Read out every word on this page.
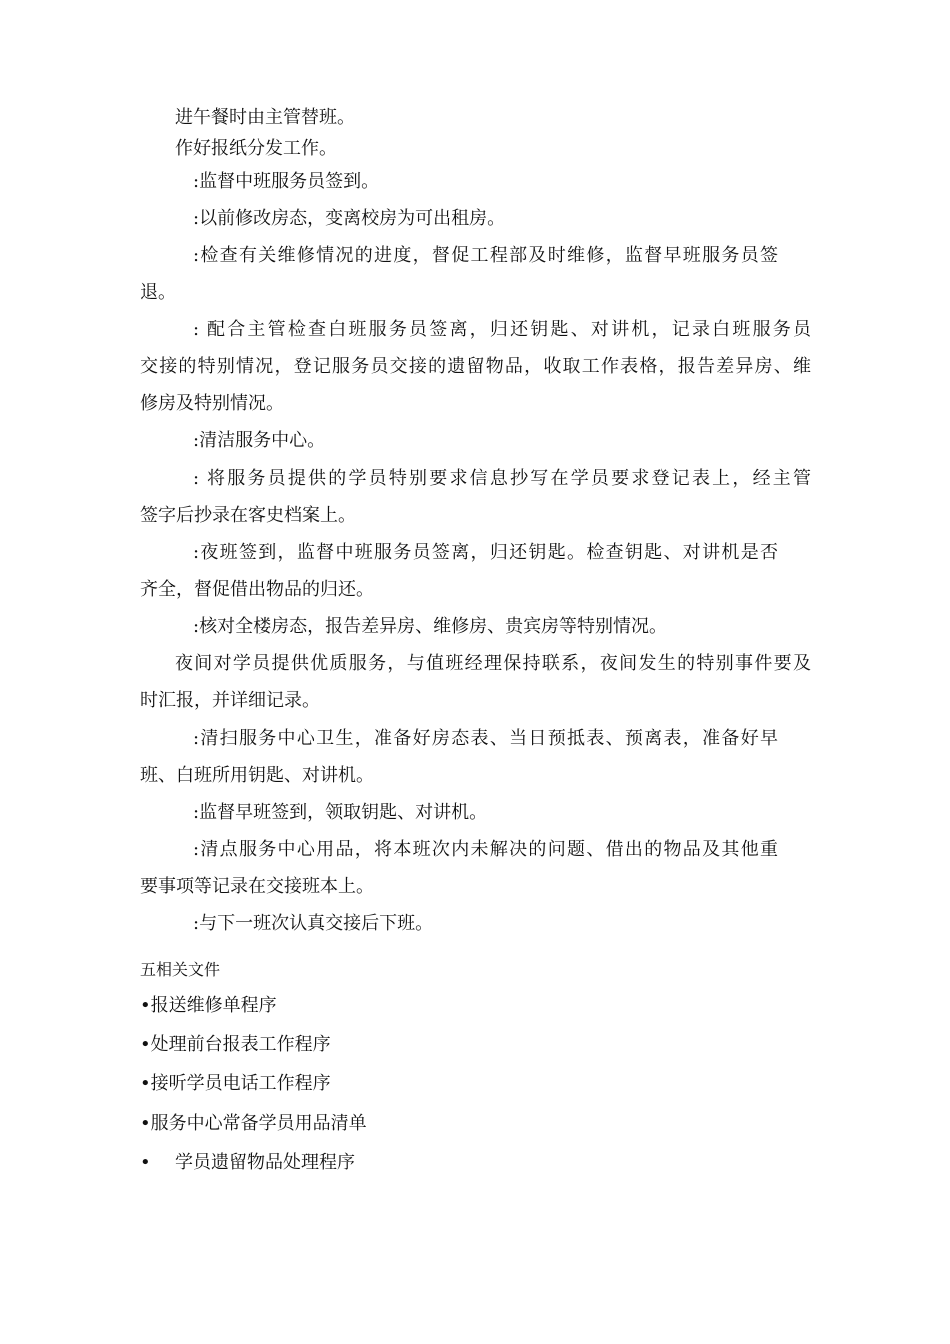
进午餐时由主管替班。
作好报纸分发工作。
:监督中班服务员签到。
:以前修改房态，变离校房为可出租房。
:检查有关维修情况的进度，督促工程部及时维修，监督早班服务员签
退。
: 配合主管检查白班服务员签离，归还钥匙、对讲机，记录白班服务员
交接的特别情况，登记服务员交接的遗留物品，收取工作表格，报告差异房、维
修房及特别情况。
:清洁服务中心。
: 将服务员提供的学员特别要求信息抄写在学员要求登记表上，经主管
签字后抄录在客史档案上。
:夜班签到，监督中班服务员签离，归还钥匙。检查钥匙、对讲机是否
齐全，督促借出物品的归还。
:核对全楼房态，报告差异房、维修房、贵宾房等特别情况。
夜间对学员提供优质服务，与值班经理保持联系，夜间发生的特别事件要及
时汇报，并详细记录。
:清扫服务中心卫生，准备好房态表、当日预抵表、预离表，准备好早
班、白班所用钥匙、对讲机。
:监督早班签到，领取钥匙、对讲机。
:清点服务中心用品，将本班次内未解决的问题、借出的物品及其他重
要事项等记录在交接班本上。
:与下一班次认真交接后下班。
五相关文件
•报送维修单程序
•处理前台报表工作程序
•接听学员电话工作程序
•服务中心常备学员用品清单
• 学员遗留物品处理程序
